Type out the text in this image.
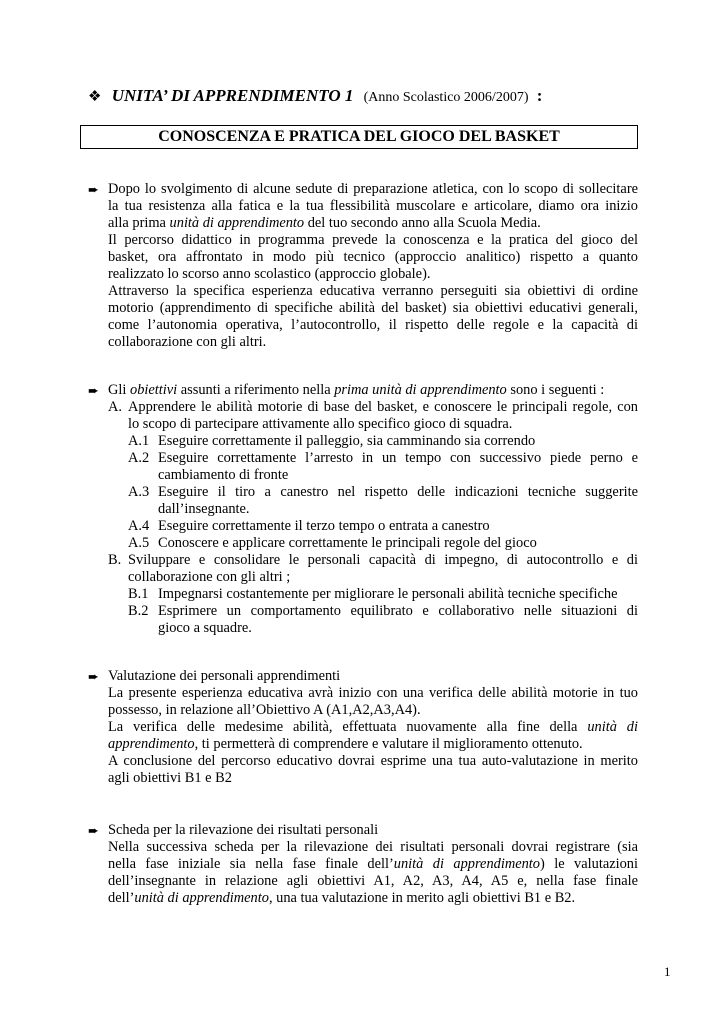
❖ UNITA’ DI APPRENDIMENTO 1 (Anno Scolastico 2006/2007) :
CONOSCENZA E PRATICA DEL GIOCO DEL BASKET
➨ Dopo lo svolgimento di alcune sedute di preparazione atletica, con lo scopo di sollecitare
la tua resistenza alla fatica e la tua flessibilità muscolare e articolare, diamo ora inizio
alla prima unità di apprendimento del tuo secondo anno alla Scuola Media.
Il percorso didattico in programma prevede la conoscenza e la pratica del gioco del
basket, ora affrontato in modo più tecnico (approccio analitico) rispetto a quanto
realizzato lo scorso anno scolastico (approccio globale).
Attraverso la specifica esperienza educativa verranno perseguiti sia obiettivi di ordine
motorio (apprendimento di specifiche abilità del basket) sia obiettivi educativi generali,
come l’autonomia operativa, l’autocontrollo, il rispetto delle regole e la capacità di
collaborazione con gli altri.
➨ Gli obiettivi assunti a riferimento nella prima unità di apprendimento sono i seguenti :
A. Apprendere le abilità motorie di base del basket, e conoscere le principali regole, con
lo scopo di partecipare attivamente allo specifico gioco di squadra.
A.1 Eseguire correttamente il palleggio, sia camminando sia correndo
A.2 Eseguire correttamente l’arresto in un tempo con successivo piede perno e
cambiamento di fronte
A.3 Eseguire il tiro a canestro nel rispetto delle indicazioni tecniche suggerite
dall’insegnante.
A.4 Eseguire correttamente il terzo tempo o entrata a canestro
A.5 Conoscere e applicare correttamente le principali regole del gioco
B. Sviluppare e consolidare le personali capacità di impegno, di autocontrollo e di
collaborazione con gli altri ;
B.1 Impegnarsi costantemente per migliorare le personali abilità tecniche specifiche
B.2 Esprimere un comportamento equilibrato e collaborativo nelle situazioni di
gioco a squadre.
➨ Valutazione dei personali apprendimenti
La presente esperienza educativa avrà inizio con una verifica delle abilità motorie in tuo
possesso, in relazione all’Obiettivo A (A1,A2,A3,A4).
La verifica delle medesime abilità, effettuata nuovamente alla fine della unità di
apprendimento, ti permetterà di comprendere e valutare il miglioramento ottenuto.
A conclusione del percorso educativo dovrai esprime una tua auto-valutazione in merito
agli obiettivi B1 e B2
➨ Scheda per la rilevazione dei risultati personali
Nella successiva scheda per la rilevazione dei risultati personali dovrai registrare (sia
nella fase iniziale sia nella fase finale dell’unità di apprendimento) le valutazioni
dell’insegnante in relazione agli obiettivi A1, A2, A3, A4, A5 e, nella fase finale
dell’unità di apprendimento, una tua valutazione in merito agli obiettivi B1 e B2.
1
